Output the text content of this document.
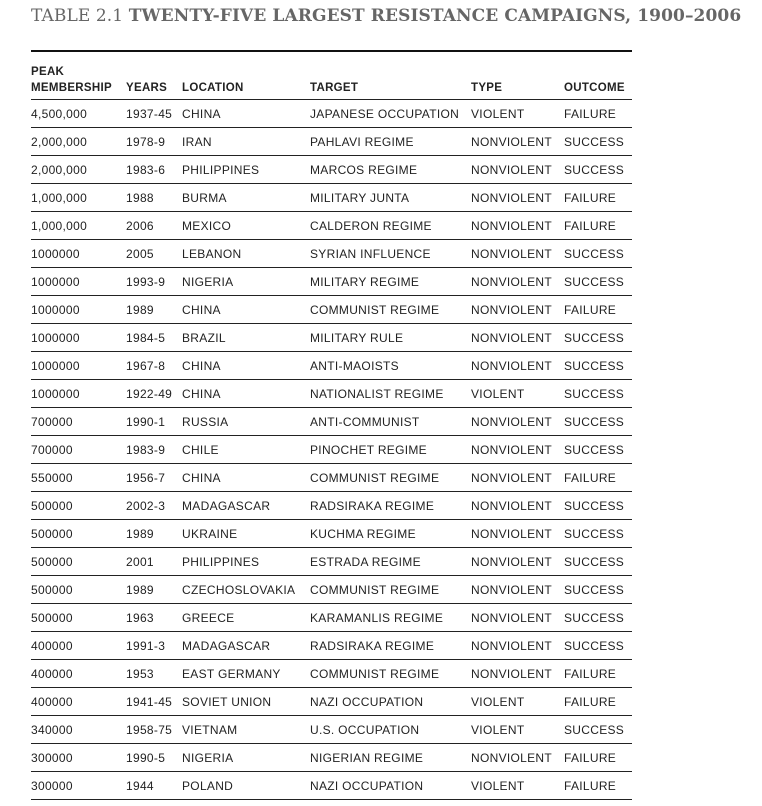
TABLE 2.1 TWENTY-FIVE LARGEST RESISTANCE CAMPAIGNS, 1900–2006
PEAK
MEMBERSHIP	YEARS	LOCATION	TARGET	TYPE	OUTCOME
4,500,000	1937-45	CHINA	JAPANESE OCCUPATION	VIOLENT	FAILURE
2,000,000	1978-9	IRAN	PAHLAVI REGIME	NONVIOLENT	SUCCESS
2,000,000	1983-6	PHILIPPINES	MARCOS REGIME	NONVIOLENT	SUCCESS
1,000,000	1988	BURMA	MILITARY JUNTA	NONVIOLENT	FAILURE
1,000,000	2006	MEXICO	CALDERON REGIME	NONVIOLENT	FAILURE
1000000	2005	LEBANON	SYRIAN INFLUENCE	NONVIOLENT	SUCCESS
1000000	1993-9	NIGERIA	MILITARY REGIME	NONVIOLENT	SUCCESS
1000000	1989	CHINA	COMMUNIST REGIME	NONVIOLENT	FAILURE
1000000	1984-5	BRAZIL	MILITARY RULE	NONVIOLENT	SUCCESS
1000000	1967-8	CHINA	ANTI-MAOISTS	NONVIOLENT	SUCCESS
1000000	1922-49	CHINA	NATIONALIST REGIME	VIOLENT	SUCCESS
700000	1990-1	RUSSIA	ANTI-COMMUNIST	NONVIOLENT	SUCCESS
700000	1983-9	CHILE	PINOCHET REGIME	NONVIOLENT	SUCCESS
550000	1956-7	CHINA	COMMUNIST REGIME	NONVIOLENT	FAILURE
500000	2002-3	MADAGASCAR	RADSIRAKA REGIME	NONVIOLENT	SUCCESS
500000	1989	UKRAINE	KUCHMA REGIME	NONVIOLENT	SUCCESS
500000	2001	PHILIPPINES	ESTRADA REGIME	NONVIOLENT	SUCCESS
500000	1989	CZECHOSLOVAKIA	COMMUNIST REGIME	NONVIOLENT	SUCCESS
500000	1963	GREECE	KARAMANLIS REGIME	NONVIOLENT	SUCCESS
400000	1991-3	MADAGASCAR	RADSIRAKA REGIME	NONVIOLENT	SUCCESS
400000	1953	EAST GERMANY	COMMUNIST REGIME	NONVIOLENT	FAILURE
400000	1941-45	SOVIET UNION	NAZI OCCUPATION	VIOLENT	FAILURE
340000	1958-75	VIETNAM	U.S. OCCUPATION	VIOLENT	SUCCESS
300000	1990-5	NIGERIA	NIGERIAN REGIME	NONVIOLENT	FAILURE
300000	1944	POLAND	NAZI OCCUPATION	VIOLENT	FAILURE
